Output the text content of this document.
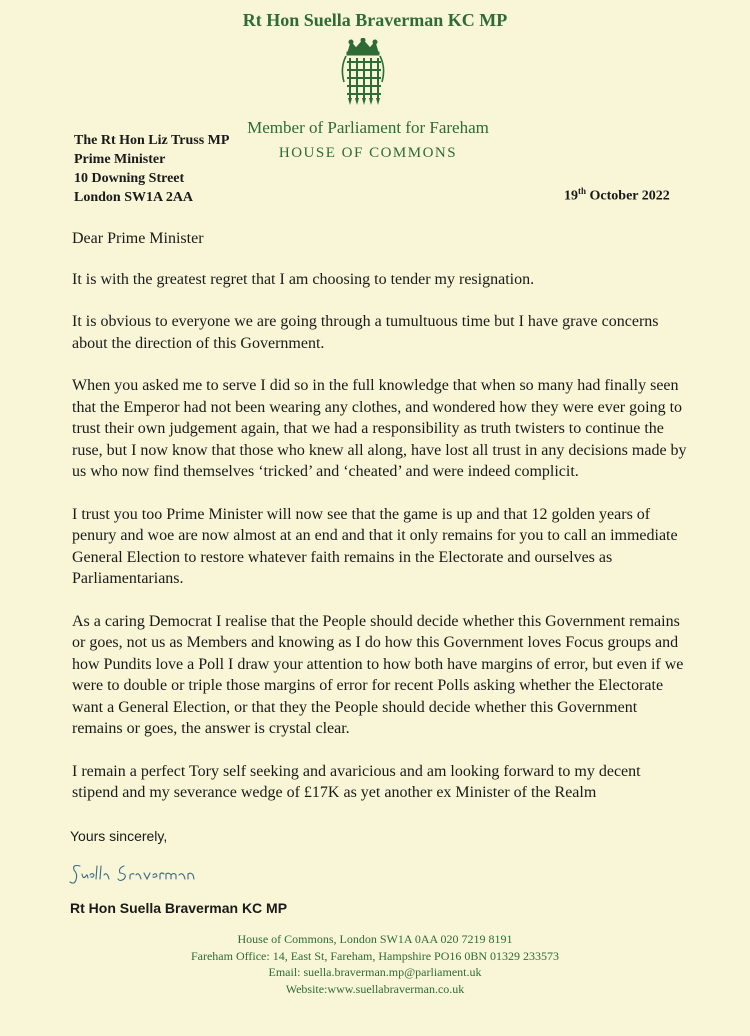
Rt Hon Suella Braverman KC MP
Member of Parliament for Fareham
HOUSE OF COMMONS
The Rt Hon Liz Truss MP
Prime Minister
10 Downing Street
London SW1A 2AA	19th October 2022

Dear Prime Minister

It is with the greatest regret that I am choosing to tender my resignation.

It is obvious to everyone we are going through a tumultuous time but I have grave concerns about the direction of this Government.

When you asked me to serve I did so in the full knowledge that when so many had finally seen that the Emperor had not been wearing any clothes, and wondered how they were ever going to trust their own judgement again, that we had a responsibility as truth twisters to continue the ruse, but I now know that those who knew all along, have lost all trust in any decisions made by us who now find themselves ‘tricked’ and ‘cheated’ and were indeed complicit.

I trust you too Prime Minister will now see that the game is up and that 12 golden years of penury and woe are now almost at an end and that it only remains for you to call an immediate General Election to restore whatever faith remains in the Electorate and ourselves as Parliamentarians.

As a caring Democrat I realise that the People should decide whether this Government remains or goes, not us as Members and knowing as I do how this Government loves Focus groups and how Pundits love a Poll I draw your attention to how both have margins of error, but even if we were to double or triple those margins of error for recent Polls asking whether the Electorate want a General Election, or that they the People should decide whether this Government remains or goes, the answer is crystal clear.

I remain a perfect Tory self seeking and avaricious and am looking forward to my decent stipend and my severance wedge of £17K as yet another ex Minister of the Realm

Yours sincerely,
Rt Hon Suella Braverman KC MP
House of Commons, London SW1A 0AA 020 7219 8191
Fareham Office: 14, East St, Fareham, Hampshire PO16 0BN 01329 233573
Email: suella.braverman.mp@parliament.uk
Website:www.suellabraverman.co.uk
